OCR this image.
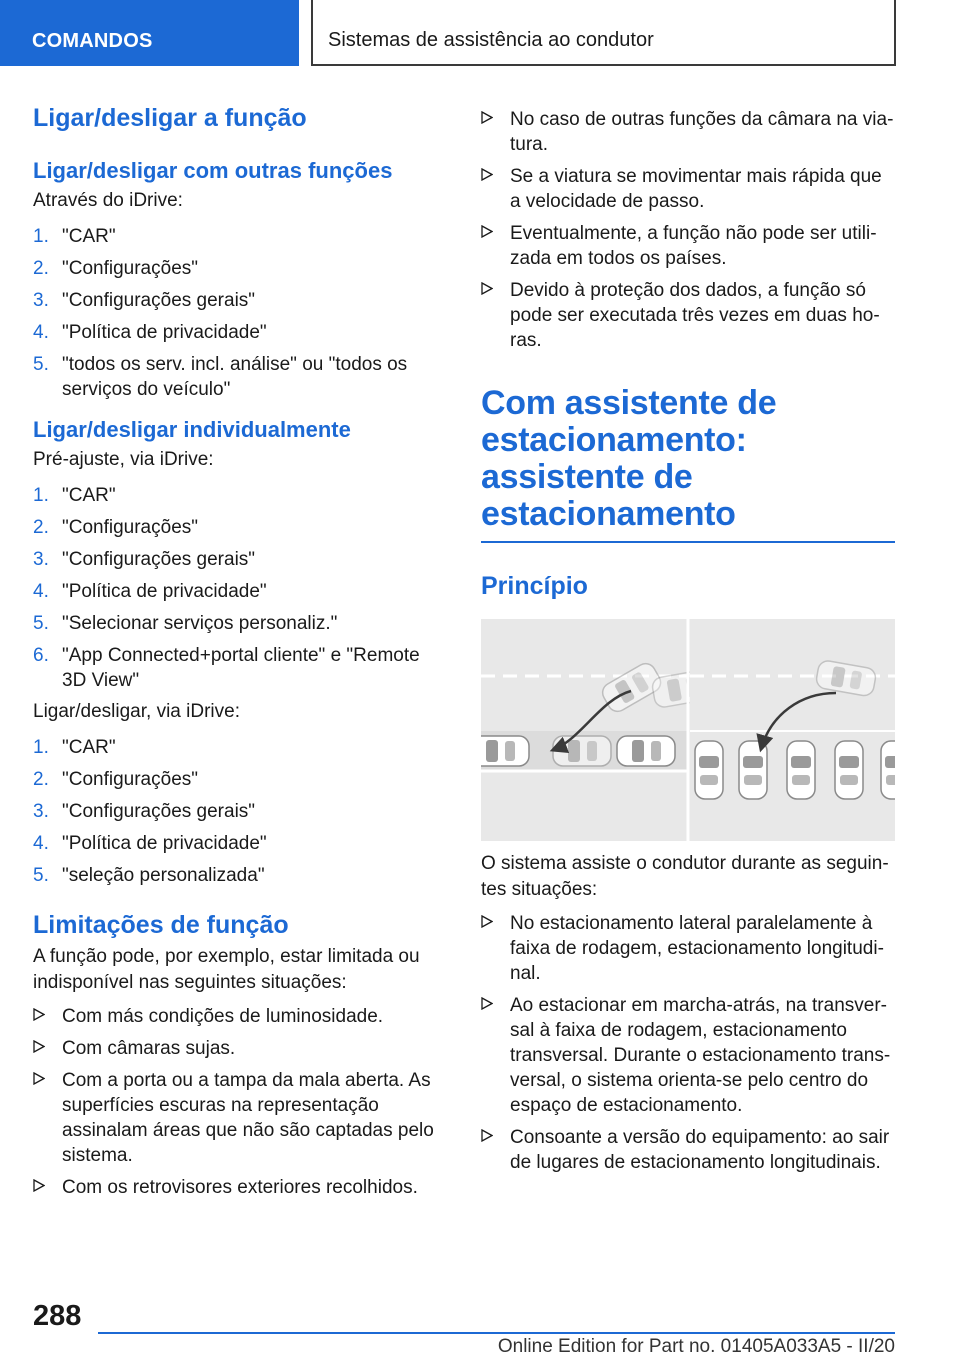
COMANDOS	Sistemas de assistência ao condutor
Ligar/desligar a função
Ligar/desligar com outras funções

Através do iDrive:

1. "CAR"
2. "Configurações"
3. "Configurações gerais"
4. "Política de privacidade"
5. "todos os serv. incl. análise" ou "todos os serviços do veículo"
Ligar/desligar individualmente

Pré-ajuste, via iDrive:

1. "CAR"
2. "Configurações"
3. "Configurações gerais"
4. "Política de privacidade"
5. "Selecionar serviços personaliz."
6. "App Connected+portal cliente" e "Remote 3D View"

Ligar/desligar, via iDrive:

1. "CAR"
2. "Configurações"
3. "Configurações gerais"
4. "Política de privacidade"
5. "seleção personalizada"
Limitações de função

A função pode, por exemplo, estar limitada ou indisponível nas seguintes situações:

Com más condições de luminosidade.
Com câmaras sujas.
Com a porta ou a tampa da mala aberta. As superfícies escuras na representação assinalam áreas que não são captadas pelo sistema.
Com os retrovisores exteriores recolhidos.
No caso de outras funções da câmara na viatura.
Se a viatura se movimentar mais rápida que a velocidade de passo.
Eventualmente, a função não pode ser utilizada em todos os países.
Devido à proteção dos dados, a função só pode ser executada três vezes em duas horas.
Com assistente de estacionamento: assistente de estacionamento
Princípio

O sistema assiste o condutor durante as seguintes situações:

No estacionamento lateral paralelamente à faixa de rodagem, estacionamento longitudinal.
Ao estacionar em marcha-atrás, na transversal à faixa de rodagem, estacionamento transversal. Durante o estacionamento transversal, o sistema orienta-se pelo centro do espaço de estacionamento.
Consoante a versão do equipamento: ao sair de lugares de estacionamento longitudinais.
288
Online Edition for Part no. 01405A033A5 - II/20
